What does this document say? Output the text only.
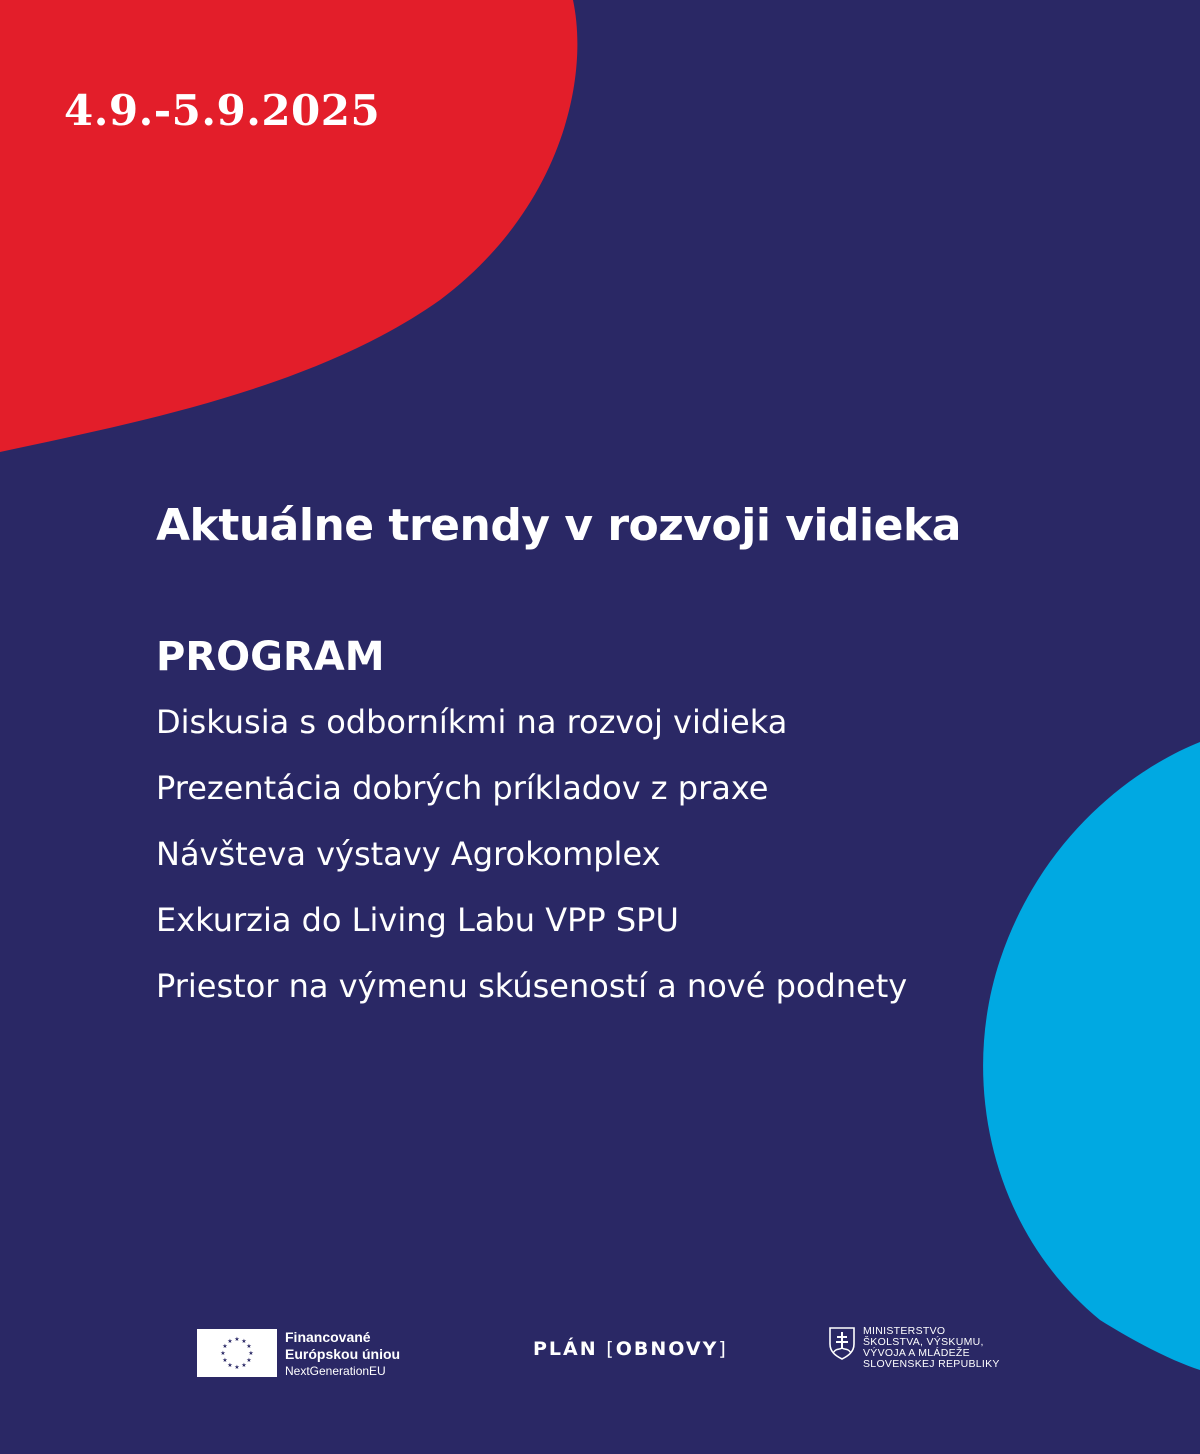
4.9.-5.9.2025
Aktuálne trendy v rozvoji vidieka
PROGRAM
Diskusia s odborníkmi na rozvoj vidieka
Prezentácia dobrých príkladov z praxe
Návšteva výstavy Agrokomplex
Exkurzia do Living Labu VPP SPU
Priestor na výmenu skúseností a nové podnety
★ ★
★
★
★
★
★
★
★
★
★
★	Financované
Európskou úniou
NextGenerationEU
PLÁN [OBNOVY]
MINISTERSTVO
ŠKOLSTVA, VÝSKUMU,
VÝVOJA A MLÁDEŽE
SLOVENSKEJ REPUBLIKY
